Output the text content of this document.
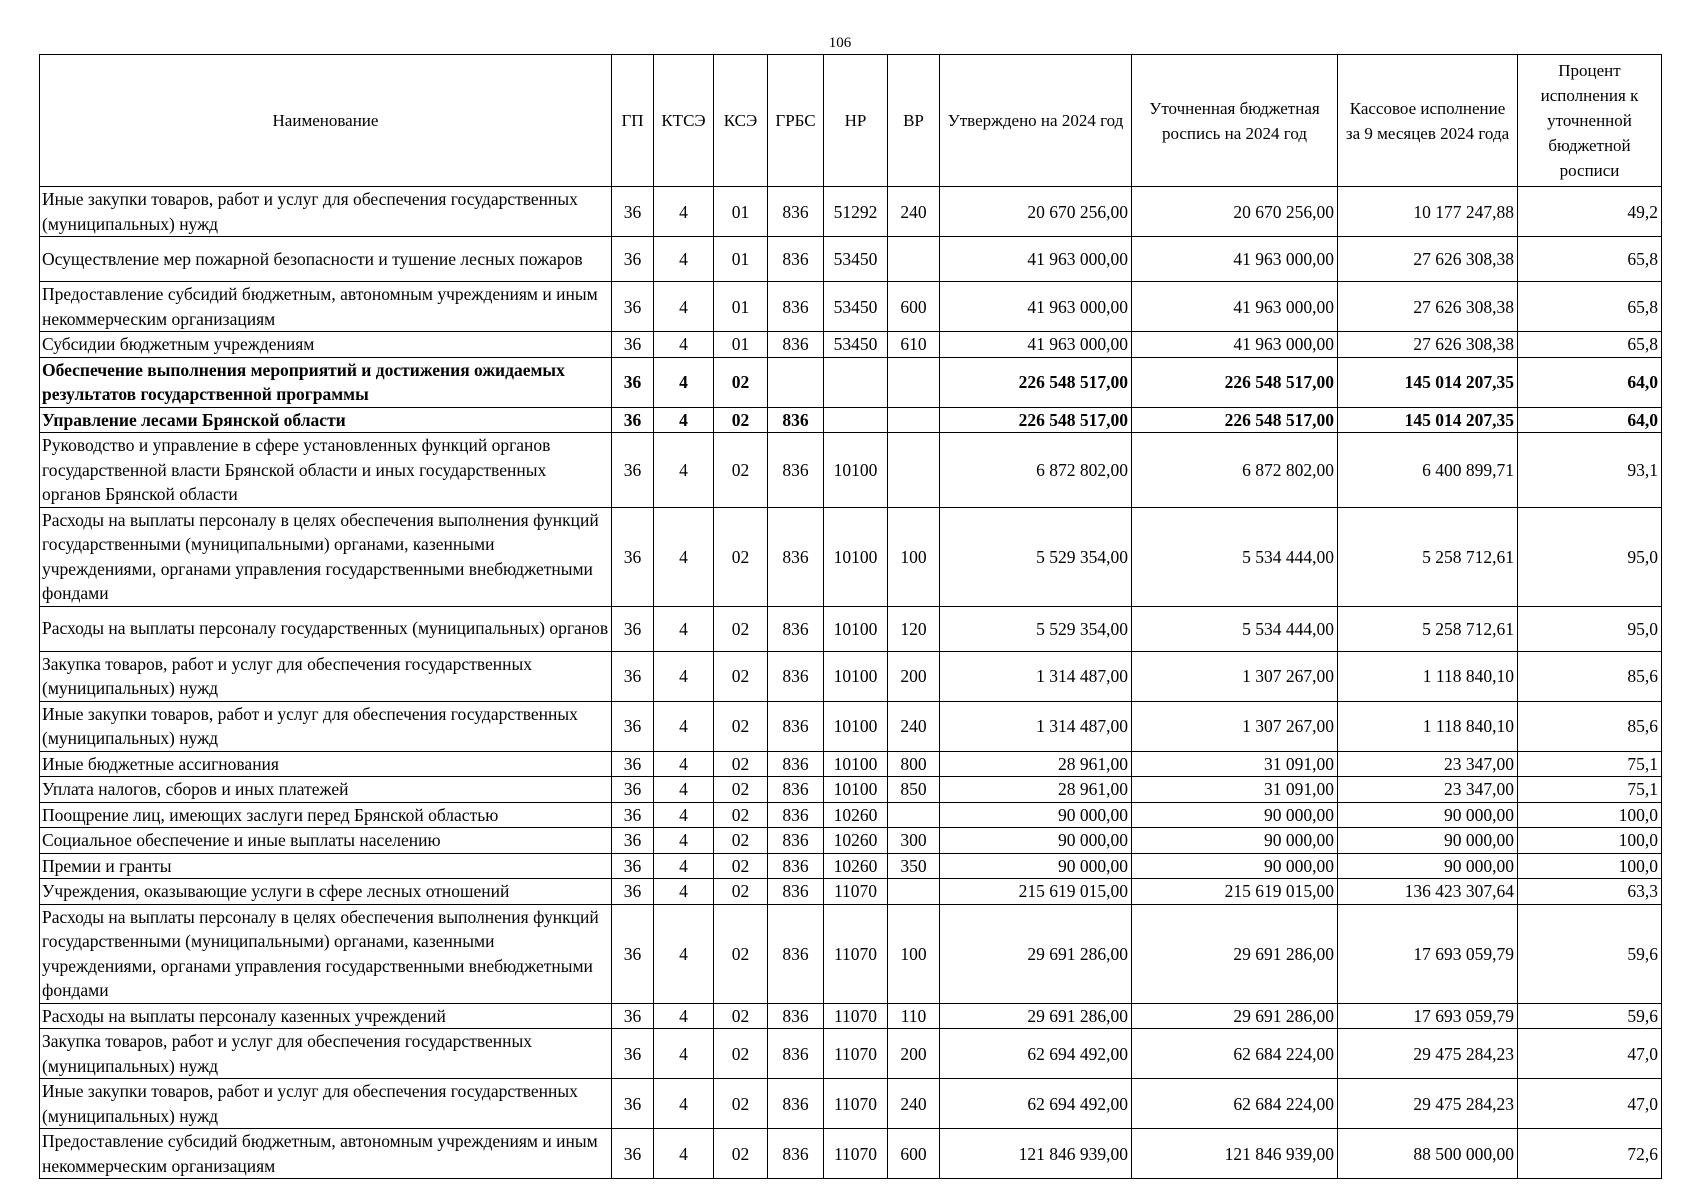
106
Наименование	ГП	КТСЭ	КСЭ	ГРБС	НР	ВР	Утверждено на 2024 год	Уточненная бюджетная роспись на 2024 год	Кассовое исполнение за 9 месяцев 2024 года	Процент исполнения к уточненной бюджетной росписи
Иные закупки товаров, работ и услуг для обеспечения государственных (муниципальных) нужд	36	4	01	836	51292	240	20 670 256,00	20 670 256,00	10 177 247,88	49,2
Осуществление мер пожарной безопасности и тушение лесных пожаров	36	4	01	836	53450		41 963 000,00	41 963 000,00	27 626 308,38	65,8
Предоставление субсидий бюджетным, автономным учреждениям и иным некоммерческим организациям	36	4	01	836	53450	600	41 963 000,00	41 963 000,00	27 626 308,38	65,8
Субсидии бюджетным учреждениям	36	4	01	836	53450	610	41 963 000,00	41 963 000,00	27 626 308,38	65,8
Обеспечение выполнения мероприятий и достижения ожидаемых результатов государственной программы	36	4	02				226 548 517,00	226 548 517,00	145 014 207,35	64,0
Управление лесами Брянской области	36	4	02	836			226 548 517,00	226 548 517,00	145 014 207,35	64,0
Руководство и управление в сфере установленных функций органов государственной власти Брянской области и иных государственных органов Брянской области	36	4	02	836	10100		6 872 802,00	6 872 802,00	6 400 899,71	93,1
Расходы на выплаты персоналу в целях обеспечения выполнения функций государственными (муниципальными) органами, казенными учреждениями, органами управления государственными внебюджетными фондами	36	4	02	836	10100	100	5 529 354,00	5 534 444,00	5 258 712,61	95,0
Расходы на выплаты персоналу государственных (муниципальных) органов	36	4	02	836	10100	120	5 529 354,00	5 534 444,00	5 258 712,61	95,0
Закупка товаров, работ и услуг для обеспечения государственных (муниципальных) нужд	36	4	02	836	10100	200	1 314 487,00	1 307 267,00	1 118 840,10	85,6
Иные закупки товаров, работ и услуг для обеспечения государственных (муниципальных) нужд	36	4	02	836	10100	240	1 314 487,00	1 307 267,00	1 118 840,10	85,6
Иные бюджетные ассигнования	36	4	02	836	10100	800	28 961,00	31 091,00	23 347,00	75,1
Уплата налогов, сборов и иных платежей	36	4	02	836	10100	850	28 961,00	31 091,00	23 347,00	75,1
Поощрение лиц, имеющих заслуги перед Брянской областью	36	4	02	836	10260		90 000,00	90 000,00	90 000,00	100,0
Социальное обеспечение и иные выплаты населению	36	4	02	836	10260	300	90 000,00	90 000,00	90 000,00	100,0
Премии и гранты	36	4	02	836	10260	350	90 000,00	90 000,00	90 000,00	100,0
Учреждения, оказывающие услуги в сфере лесных отношений	36	4	02	836	11070		215 619 015,00	215 619 015,00	136 423 307,64	63,3
Расходы на выплаты персоналу в целях обеспечения выполнения функций государственными (муниципальными) органами, казенными учреждениями, органами управления государственными внебюджетными фондами	36	4	02	836	11070	100	29 691 286,00	29 691 286,00	17 693 059,79	59,6
Расходы на выплаты персоналу казенных учреждений	36	4	02	836	11070	110	29 691 286,00	29 691 286,00	17 693 059,79	59,6
Закупка товаров, работ и услуг для обеспечения государственных (муниципальных) нужд	36	4	02	836	11070	200	62 694 492,00	62 684 224,00	29 475 284,23	47,0
Иные закупки товаров, работ и услуг для обеспечения государственных (муниципальных) нужд	36	4	02	836	11070	240	62 694 492,00	62 684 224,00	29 475 284,23	47,0
Предоставление субсидий бюджетным, автономным учреждениям и иным некоммерческим организациям	36	4	02	836	11070	600	121 846 939,00	121 846 939,00	88 500 000,00	72,6
